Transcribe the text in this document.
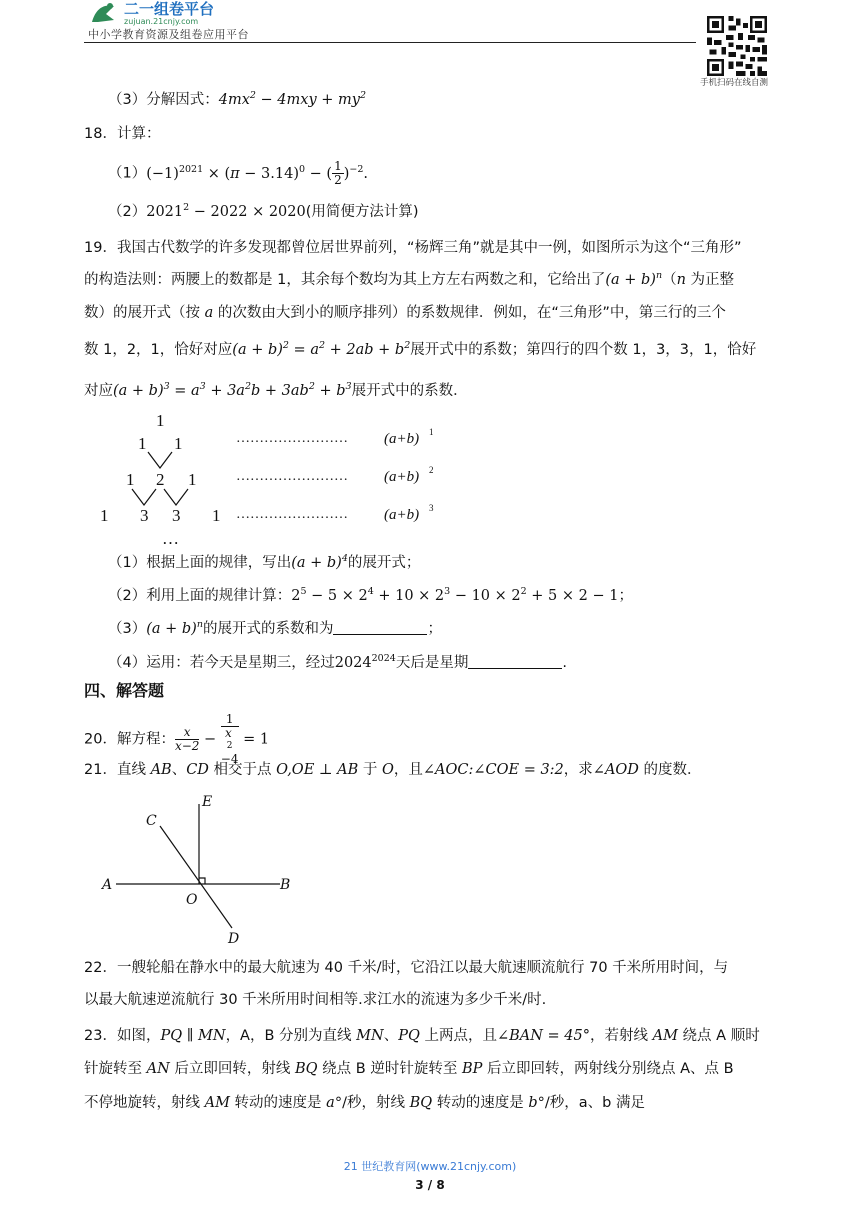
二一组卷平台
zujuan.21cnjy.com
中小学教育资源及组卷应用平台
手机扫码在线自测
（3）分解因式：$4mx^2 - 4mxy + my^2$
18．计算：
$(1)(-1)^{2021} \times (\pi - 3.14)^0$ − ( $\frac{1}{2} )^{-2}$.
$(2)2021^2 - 2022 \times 2020$(用简便方法计算)
19．我国古代数学的许多发现都曾位居世界前列，“杨辉三角”就是其中一例，如图所示为这个“三角形”
的构造法则：两腰上的数都是 1，其余每个数均为其上方左右两数之和，它给出了$(a + b)^n(n$ 为正整
数）的展开式（按 a 的次数由大到小的顺序排列）的系数规律．例如，在“三角形”中，第三行的三个
数 1，2，1，恰好对应$(a + b)^2 = a^2 + 2ab + b^2$展开式中的系数；第四行的四个数 1，3，3，1，恰好
对应$(a + b)^3 = a^3 + 3a^2b + 3ab^2 + b^3$展开式中的系数．
1
1 1
1 2 1
1 3 3 1
…
……………………
……………………
……………………
(a+b)
(a+b)
(a+b)
1
2
3
（1）根据上面的规律，写出$(a + b)^4$的展开式；
（2）利用上面的规律计算：$2^5 - 5 \times 2^4 + 10 \times 2^3 - 10 \times 2^2 + 5 \times 2 - 1$；
$(3)(a + b)^n$的展开式的系数和为	；
（4）运用：若今天是星期三，经过$2024^{2024}$天后是星期	.
四、解答题
20．解方程： $\frac{x}{x-2} - 1$
x 
2
−4 = 1
21．直线 AB、CD 相交于点 O,OE ⊥ AB 于 O，且∠AOC:∠COE = 3:2，求∠AOD 的度数．
E
C
A	B
O
D
22．一艘轮船在静水中的最大航速为 40 千米/时，它沿江以最大航速顺流航行 70 千米所用时间，与
以最大航速逆流航行 30 千米所用时间相等.求江水的流速为多少千米/时.
23．如图，PQ ∥ MN，A，B 分别为直线 MN、PQ 上两点，且∠BAN = 45°，若射线 AM 绕点 A 顺时
针旋转至 AN 后立即回转，射线 BQ 绕点 B 逆时针旋转至 BP 后立即回转，两射线分别绕点 A、点 B
不停地旋转，射线 AM 转动的速度是 a°/秒，射线 BQ 转动的速度是 b°/秒，a、b 满足
21 世纪教育网(www.21cnjy.com)
3 / 8
